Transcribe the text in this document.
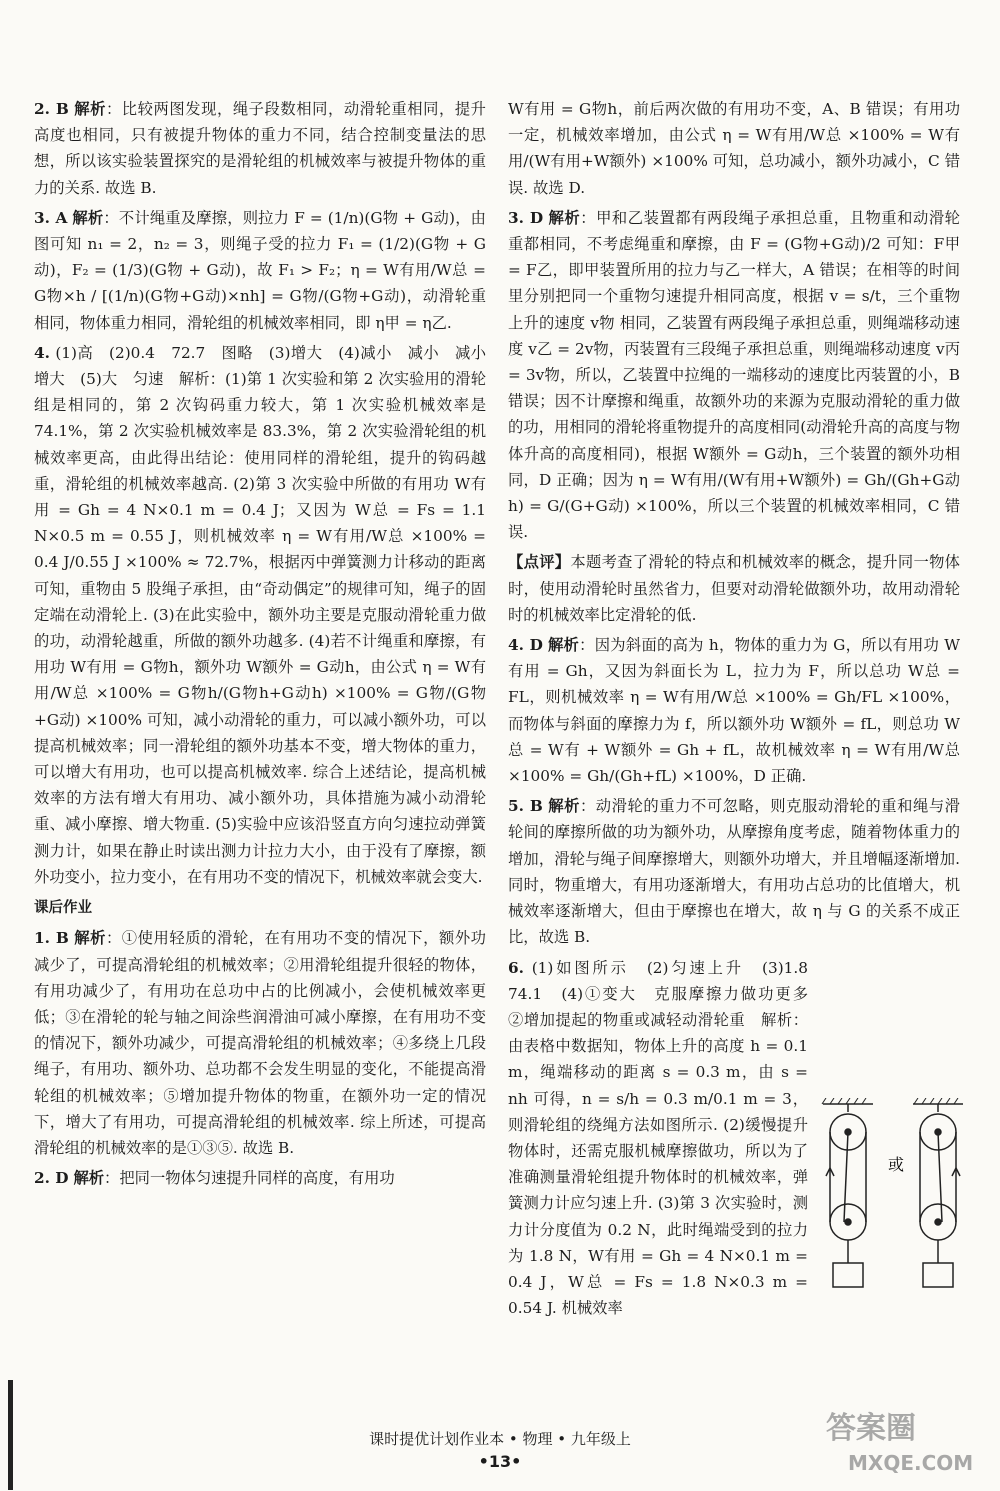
2. B 解析：比较两图发现，绳子段数相同，动滑轮重相同，提升高度也相同，只有被提升物体的重力不同，结合控制变量法的思想，所以该实验装置探究的是滑轮组的机械效率与被提升物体的重力的关系. 故选 B.

3. A 解析：不计绳重及摩擦，则拉力 F = (1/n)(G物 + G动)，由图可知 n₁ = 2，n₂ = 3，则绳子受的拉力 F₁ = (1/2)(G物 + G动)，F₂ = (1/3)(G物 + G动)，故 F₁ > F₂；η = W有用/W总 = G物×h / [(1/n)(G物+G动)×nh] = G物/(G物+G动)，动滑轮重相同，物体重力相同，滑轮组的机械效率相同，即 η甲 = η乙.

4. (1)高　(2)0.4　72.7　图略　(3)增大　(4)减小　减小　减小　增大　(5)大　匀速　解析：(1)第 1 次实验和第 2 次实验用的滑轮组是相同的，第 2 次钩码重力较大，第 1 次实验机械效率是 74.1%，第 2 次实验机械效率是 83.3%，第 2 次实验滑轮组的机械效率更高，由此得出结论：使用同样的滑轮组，提升的钩码越重，滑轮组的机械效率越高. (2)第 3 次实验中所做的有用功 W有用 = Gh = 4 N×0.1 m = 0.4 J；又因为 W总 = Fs = 1.1 N×0.5 m = 0.55 J，则机械效率 η = W有用/W总 ×100% = 0.4 J/0.55 J ×100% ≈ 72.7%，根据丙中弹簧测力计移动的距离可知，重物由 5 股绳子承担，由“奇动偶定”的规律可知，绳子的固定端在动滑轮上. (3)在此实验中，额外功主要是克服动滑轮重力做的功，动滑轮越重，所做的额外功越多. (4)若不计绳重和摩擦，有用功 W有用 = G物h，额外功 W额外 = G动h，由公式 η = W有用/W总 ×100% = G物h/(G物h+G动h) ×100% = G物/(G物+G动) ×100% 可知，减小动滑轮的重力，可以减小额外功，可以提高机械效率；同一滑轮组的额外功基本不变，增大物体的重力，可以增大有用功，也可以提高机械效率. 综合上述结论，提高机械效率的方法有增大有用功、减小额外功，具体措施为减小动滑轮重、减小摩擦、增大物重. (5)实验中应该沿竖直方向匀速拉动弹簧测力计，如果在静止时读出测力计拉力大小，由于没有了摩擦，额外功变小，拉力变小，在有用功不变的情况下，机械效率就会变大.

课后作业

1. B 解析：①使用轻质的滑轮，在有用功不变的情况下，额外功减少了，可提高滑轮组的机械效率；②用滑轮组提升很轻的物体，有用功减少了，有用功在总功中占的比例减小，会使机械效率更低；③在滑轮的轮与轴之间涂些润滑油可减小摩擦，在有用功不变的情况下，额外功减少，可提高滑轮组的机械效率；④多绕上几段绳子，有用功、额外功、总功都不会发生明显的变化，不能提高滑轮组的机械效率；⑤增加提升物体的物重，在额外功一定的情况下，增大了有用功，可提高滑轮组的机械效率. 综上所述，可提高滑轮组的机械效率的是①③⑤. 故选 B.

2. D 解析：把同一物体匀速提升同样的高度，有用功

W有用 = G物h，前后两次做的有用功不变，A、B 错误；有用功一定，机械效率增加，由公式 η = W有用/W总 ×100% = W有用/(W有用+W额外) ×100% 可知，总功减小，额外功减小，C 错误. 故选 D.

3. D 解析：甲和乙装置都有两段绳子承担总重，且物重和动滑轮重都相同，不考虑绳重和摩擦，由 F = (G物+G动)/2 可知：F甲 = F乙，即甲装置所用的拉力与乙一样大，A 错误；在相等的时间里分别把同一个重物匀速提升相同高度，根据 v = s/t，三个重物上升的速度 v物 相同，乙装置有两段绳子承担总重，则绳端移动速度 v乙 = 2v物，丙装置有三段绳子承担总重，则绳端移动速度 v丙 = 3v物，所以，乙装置中拉绳的一端移动的速度比丙装置的小，B 错误；因不计摩擦和绳重，故额外功的来源为克服动滑轮的重力做的功，用相同的滑轮将重物提升的高度相同(动滑轮升高的高度与物体升高的高度相同)，根据 W额外 = G动h，三个装置的额外功相同，D 正确；因为 η = W有用/(W有用+W额外) = Gh/(Gh+G动h) = G/(G+G动) ×100%，所以三个装置的机械效率相同，C 错误.

【点评】本题考查了滑轮的特点和机械效率的概念，提升同一物体时，使用动滑轮时虽然省力，但要对动滑轮做额外功，故用动滑轮时的机械效率比定滑轮的低.

4. D 解析：因为斜面的高为 h，物体的重力为 G，所以有用功 W有用 = Gh，又因为斜面长为 L，拉力为 F，所以总功 W总 = FL，则机械效率 η = W有用/W总 ×100% = Gh/FL ×100%，而物体与斜面的摩擦力为 f，所以额外功 W额外 = fL，则总功 W总 = W有 + W额外 = Gh + fL，故机械效率 η = W有用/W总 ×100% = Gh/(Gh+fL) ×100%，D 正确.

5. B 解析：动滑轮的重力不可忽略，则克服动滑轮的重和绳与滑轮间的摩擦所做的功为额外功，从摩擦角度考虑，随着物体重力的增加，滑轮与绳子间摩擦增大，则额外功增大，并且增幅逐渐增加. 同时，物重增大，有用功逐渐增大，有用功占总功的比值增大，机械效率逐渐增大，但由于摩擦也在增大，故 η 与 G 的关系不成正比，故选 B.

6. (1)如图所示　(2)匀速上升　(3)1.8　74.1　(4)①变大　克服摩擦力做功更多　②增加提起的物重或减轻动滑轮重　解析：由表格中数据知，物体上升的高度 h = 0.1 m，绳端移动的距离 s = 0.3 m，由 s = nh 可得，n = s/h = 0.3 m/0.1 m = 3，则滑轮组的绕绳方法如图所示. (2)缓慢提升物体时，还需克服机械摩擦做功，所以为了准确测量滑轮组提升物体时的机械效率，弹簧测力计应匀速上升. (3)第 3 次实验时，测力计分度值为 0.2 N，此时绳端受到的拉力为 1.8 N，W有用 = Gh = 4 N×0.1 m = 0.4 J，W总 = Fs = 1.8 N×0.3 m = 0.54 J. 机械效率

或
课时提优计划作业本 • 物理 • 九年级上
•13•
答案圈
MXQE.COM
